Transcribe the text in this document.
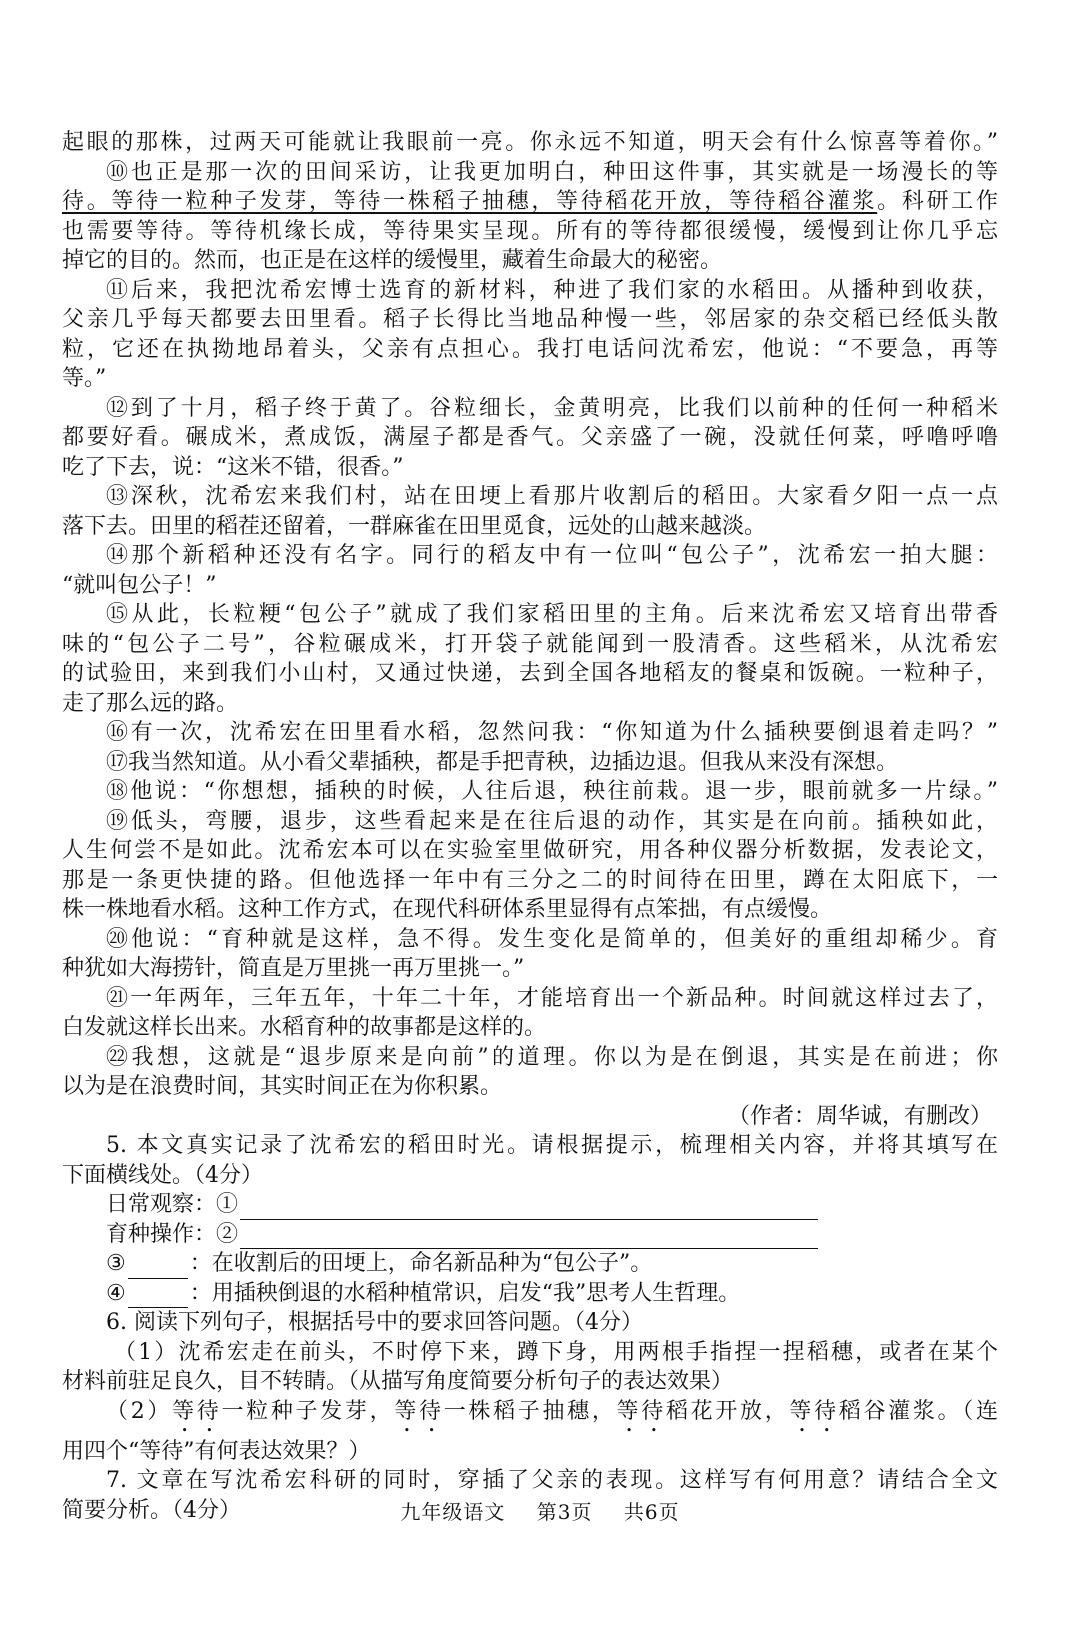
起眼的那株，过两天可能就让我眼前一亮。你永远不知道，明天会有什么惊喜等着你。”
⑩也正是那一次的田间采访，让我更加明白，种田这件事，其实就是一场漫长的等
待。等待一粒种子发芽，等待一株稻子抽穗，等待稻花开放，等待稻谷灌浆。科研工作
也需要等待。等待机缘长成，等待果实呈现。所有的等待都很缓慢，缓慢到让你几乎忘
掉它的目的。然而，也正是在这样的缓慢里，藏着生命最大的秘密。
⑪后来，我把沈希宏博士选育的新材料，种进了我们家的水稻田。从播种到收获，
父亲几乎每天都要去田里看。稻子长得比当地品种慢一些，邻居家的杂交稻已经低头散
粒，它还在执拗地昂着头，父亲有点担心。我打电话问沈希宏，他说：“不要急，再等
等。”
⑫到了十月，稻子终于黄了。谷粒细长，金黄明亮，比我们以前种的任何一种稻米
都要好看。碾成米，煮成饭，满屋子都是香气。父亲盛了一碗，没就任何菜，呼噜呼噜
吃了下去，说：“这米不错，很香。”
⑬深秋，沈希宏来我们村，站在田埂上看那片收割后的稻田。大家看夕阳一点一点
落下去。田里的稻茬还留着，一群麻雀在田里觅食，远处的山越来越淡。
⑭那个新稻种还没有名字。同行的稻友中有一位叫“包公子”，沈希宏一拍大腿：
“就叫包公子！”
⑮从此，长粒粳“包公子”就成了我们家稻田里的主角。后来沈希宏又培育出带香
味的“包公子二号”，谷粒碾成米，打开袋子就能闻到一股清香。这些稻米，从沈希宏
的试验田，来到我们小山村，又通过快递，去到全国各地稻友的餐桌和饭碗。一粒种子，
走了那么远的路。
⑯有一次，沈希宏在田里看水稻，忽然问我：“你知道为什么插秧要倒退着走吗？”
⑰我当然知道。从小看父辈插秧，都是手把青秧，边插边退。但我从来没有深想。
⑱他说：“你想想，插秧的时候，人往后退，秧往前栽。退一步，眼前就多一片绿。”
⑲低头，弯腰，退步，这些看起来是在往后退的动作，其实是在向前。插秧如此，
人生何尝不是如此。沈希宏本可以在实验室里做研究，用各种仪器分析数据，发表论文，
那是一条更快捷的路。但他选择一年中有三分之二的时间待在田里，蹲在太阳底下，一
株一株地看水稻。这种工作方式，在现代科研体系里显得有点笨拙，有点缓慢。
⑳他说：“育种就是这样，急不得。发生变化是简单的，但美好的重组却稀少。育
种犹如大海捞针，简直是万里挑一再万里挑一。”
㉑一年两年，三年五年，十年二十年，才能培育出一个新品种。时间就这样过去了，
白发就这样长出来。水稻育种的故事都是这样的。
㉒我想，这就是“退步原来是向前”的道理。你以为是在倒退，其实是在前进；你
以为是在浪费时间，其实时间正在为你积累。
（作者：周华诚，有删改）
5. 本文真实记录了沈希宏的稻田时光。请根据提示，梳理相关内容，并将其填写在
下面横线处。（4分）
日常观察：①
育种操作：②
③	：在收割后的田埂上，命名新品种为“包公子”。
④	：用插秧倒退的水稻种植常识，启发“我”思考人生哲理。
6. 阅读下列句子，根据括号中的要求回答问题。（4分）
（1）沈希宏走在前头，不时停下来，蹲下身，用两根手指捏一捏稻穗，或者在某个
材料前驻足良久，目不转睛。（从描写角度简要分析句子的表达效果）
（2）等待一粒种子发芽，等待一株稻子抽穗，等待稻花开放，等待稻谷灌浆。（连
用四个“等待”有何表达效果？）
7. 文章在写沈希宏科研的同时，穿插了父亲的表现。这样写有何用意？请结合全文
简要分析。（4分）	九年级语文 第3页 共6页
